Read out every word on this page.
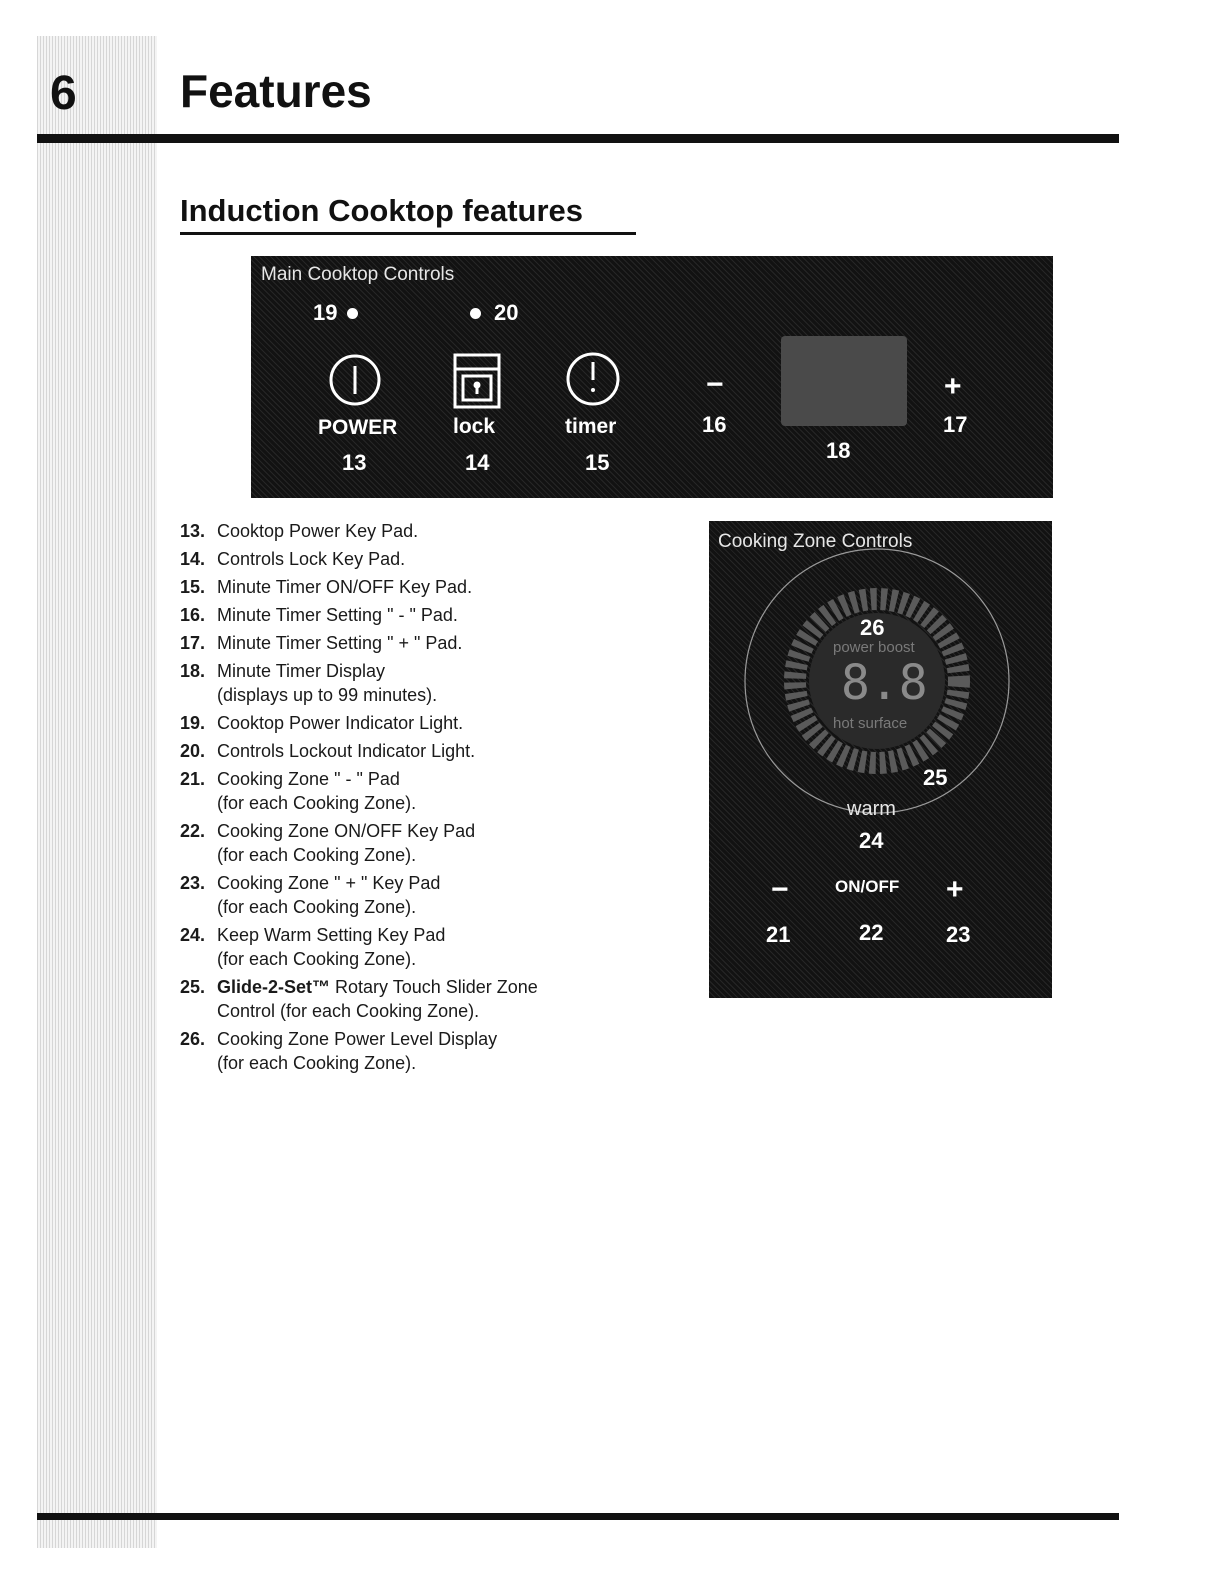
6 Features
Induction Cooktop features
Main Cooktop Controls
19	20
POWER	lock	timer
13	14	15
−
16
18
+
17
13. Cooktop Power Key Pad.
14. Controls Lock Key Pad.
15. Minute Timer ON/OFF Key Pad.
16. Minute Timer Setting " - " Pad.
17. Minute Timer Setting " + " Pad.
18. Minute Timer Display
(displays up to 99 minutes).
19. Cooktop Power Indicator Light.
20. Controls Lockout Indicator Light.
21. Cooking Zone " - " Pad
(for each Cooking Zone).
22. Cooking Zone ON/OFF Key Pad
(for each Cooking Zone).
23. Cooking Zone " + " Key Pad
(for each Cooking Zone).
24. Keep Warm Setting Key Pad
(for each Cooking Zone).
25. Glide-2-Set™ Rotary Touch Slider Zone
Control (for each Cooking Zone).
26. Cooking Zone Power Level Display
(for each Cooking Zone).
Cooking Zone Controls
26
power boost
8.8
hot surface
25
warm
24
−	ON/OFF +
21	22	23
